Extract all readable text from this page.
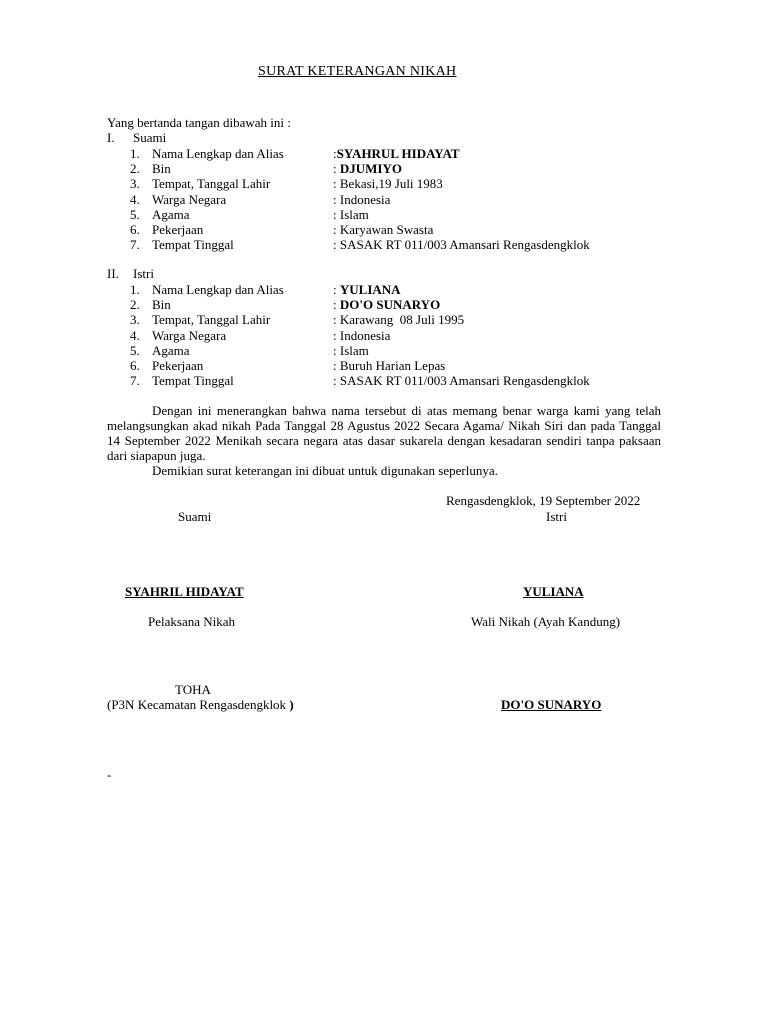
SURAT KETERANGAN NIKAH
Yang bertanda tangan dibawah ini :
I. Suami
1. Nama Lengkap dan Alias	:SYAHRUL HIDAYAT
2. Bin	: DJUMIYO
3. Tempat, Tanggal Lahir	: Bekasi,19 Juli 1983
4. Warga Negara	: Indonesia
5. Agama	: Islam
6. Pekerjaan	: Karyawan Swasta
7. Tempat Tinggal	: SASAK RT 011/003 Amansari Rengasdengklok
II. Istri
1. Nama Lengkap dan Alias	: YULIANA
2. Bin	: DO'O SUNARYO
3. Tempat, Tanggal Lahir	: Karawang  08 Juli 1995
4. Warga Negara	: Indonesia
5. Agama	: Islam
6. Pekerjaan	: Buruh Harian Lepas
7. Tempat Tinggal	: SASAK RT 011/003 Amansari Rengasdengklok
Dengan ini menerangkan bahwa nama tersebut di atas memang benar warga kami yang telah melangsungkan akad nikah Pada Tanggal 28 Agustus 2022 Secara Agama/ Nikah Siri dan pada Tanggal 14 September 2022 Menikah secara negara atas dasar sukarela dengan kesadaran sendiri tanpa paksaan dari siapapun juga.
Demikian surat keterangan ini dibuat untuk digunakan seperlunya.
Rengasdengklok, 19 September 2022
Suami	Istri
SYAHRIL HIDAYAT	YULIANA
Pelaksana Nikah	Wali Nikah (Ayah Kandung)
TOHA
(P3N Kecamatan Rengasdengklok )	DO'O SUNARYO
-
